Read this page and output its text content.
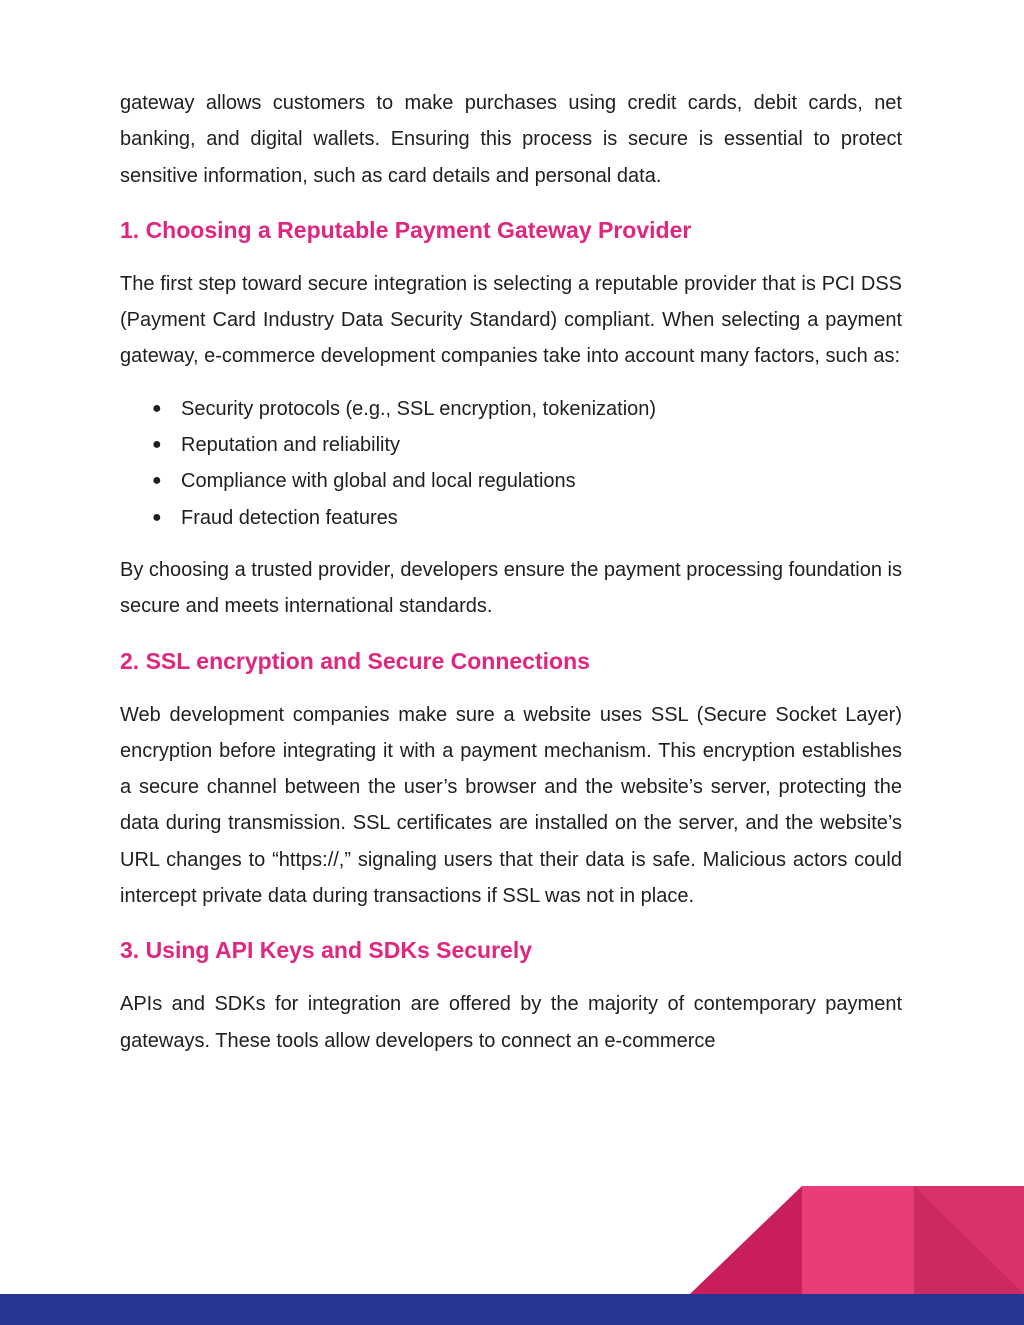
gateway allows customers to make purchases using credit cards, debit cards, net banking, and digital wallets. Ensuring this process is secure is essential to protect sensitive information, such as card details and personal data.

1. Choosing a Reputable Payment Gateway Provider

The first step toward secure integration is selecting a reputable provider that is PCI DSS (Payment Card Industry Data Security Standard) compliant. When selecting a payment gateway, e-commerce development companies take into account many factors, such as:

● Security protocols (e.g., SSL encryption, tokenization)
● Reputation and reliability
● Compliance with global and local regulations
● Fraud detection features

By choosing a trusted provider, developers ensure the payment processing foundation is secure and meets international standards.

2. SSL encryption and Secure Connections

Web development companies make sure a website uses SSL (Secure Socket Layer) encryption before integrating it with a payment mechanism. This encryption establishes a secure channel between the user’s browser and the website’s server, protecting the data during transmission. SSL certificates are installed on the server, and the website’s URL changes to “https://,” signaling users that their data is safe. Malicious actors could intercept private data during transactions if SSL was not in place.

3. Using API Keys and SDKs Securely

APIs and SDKs for integration are offered by the majority of contemporary payment gateways. These tools allow developers to connect an e-commerce
